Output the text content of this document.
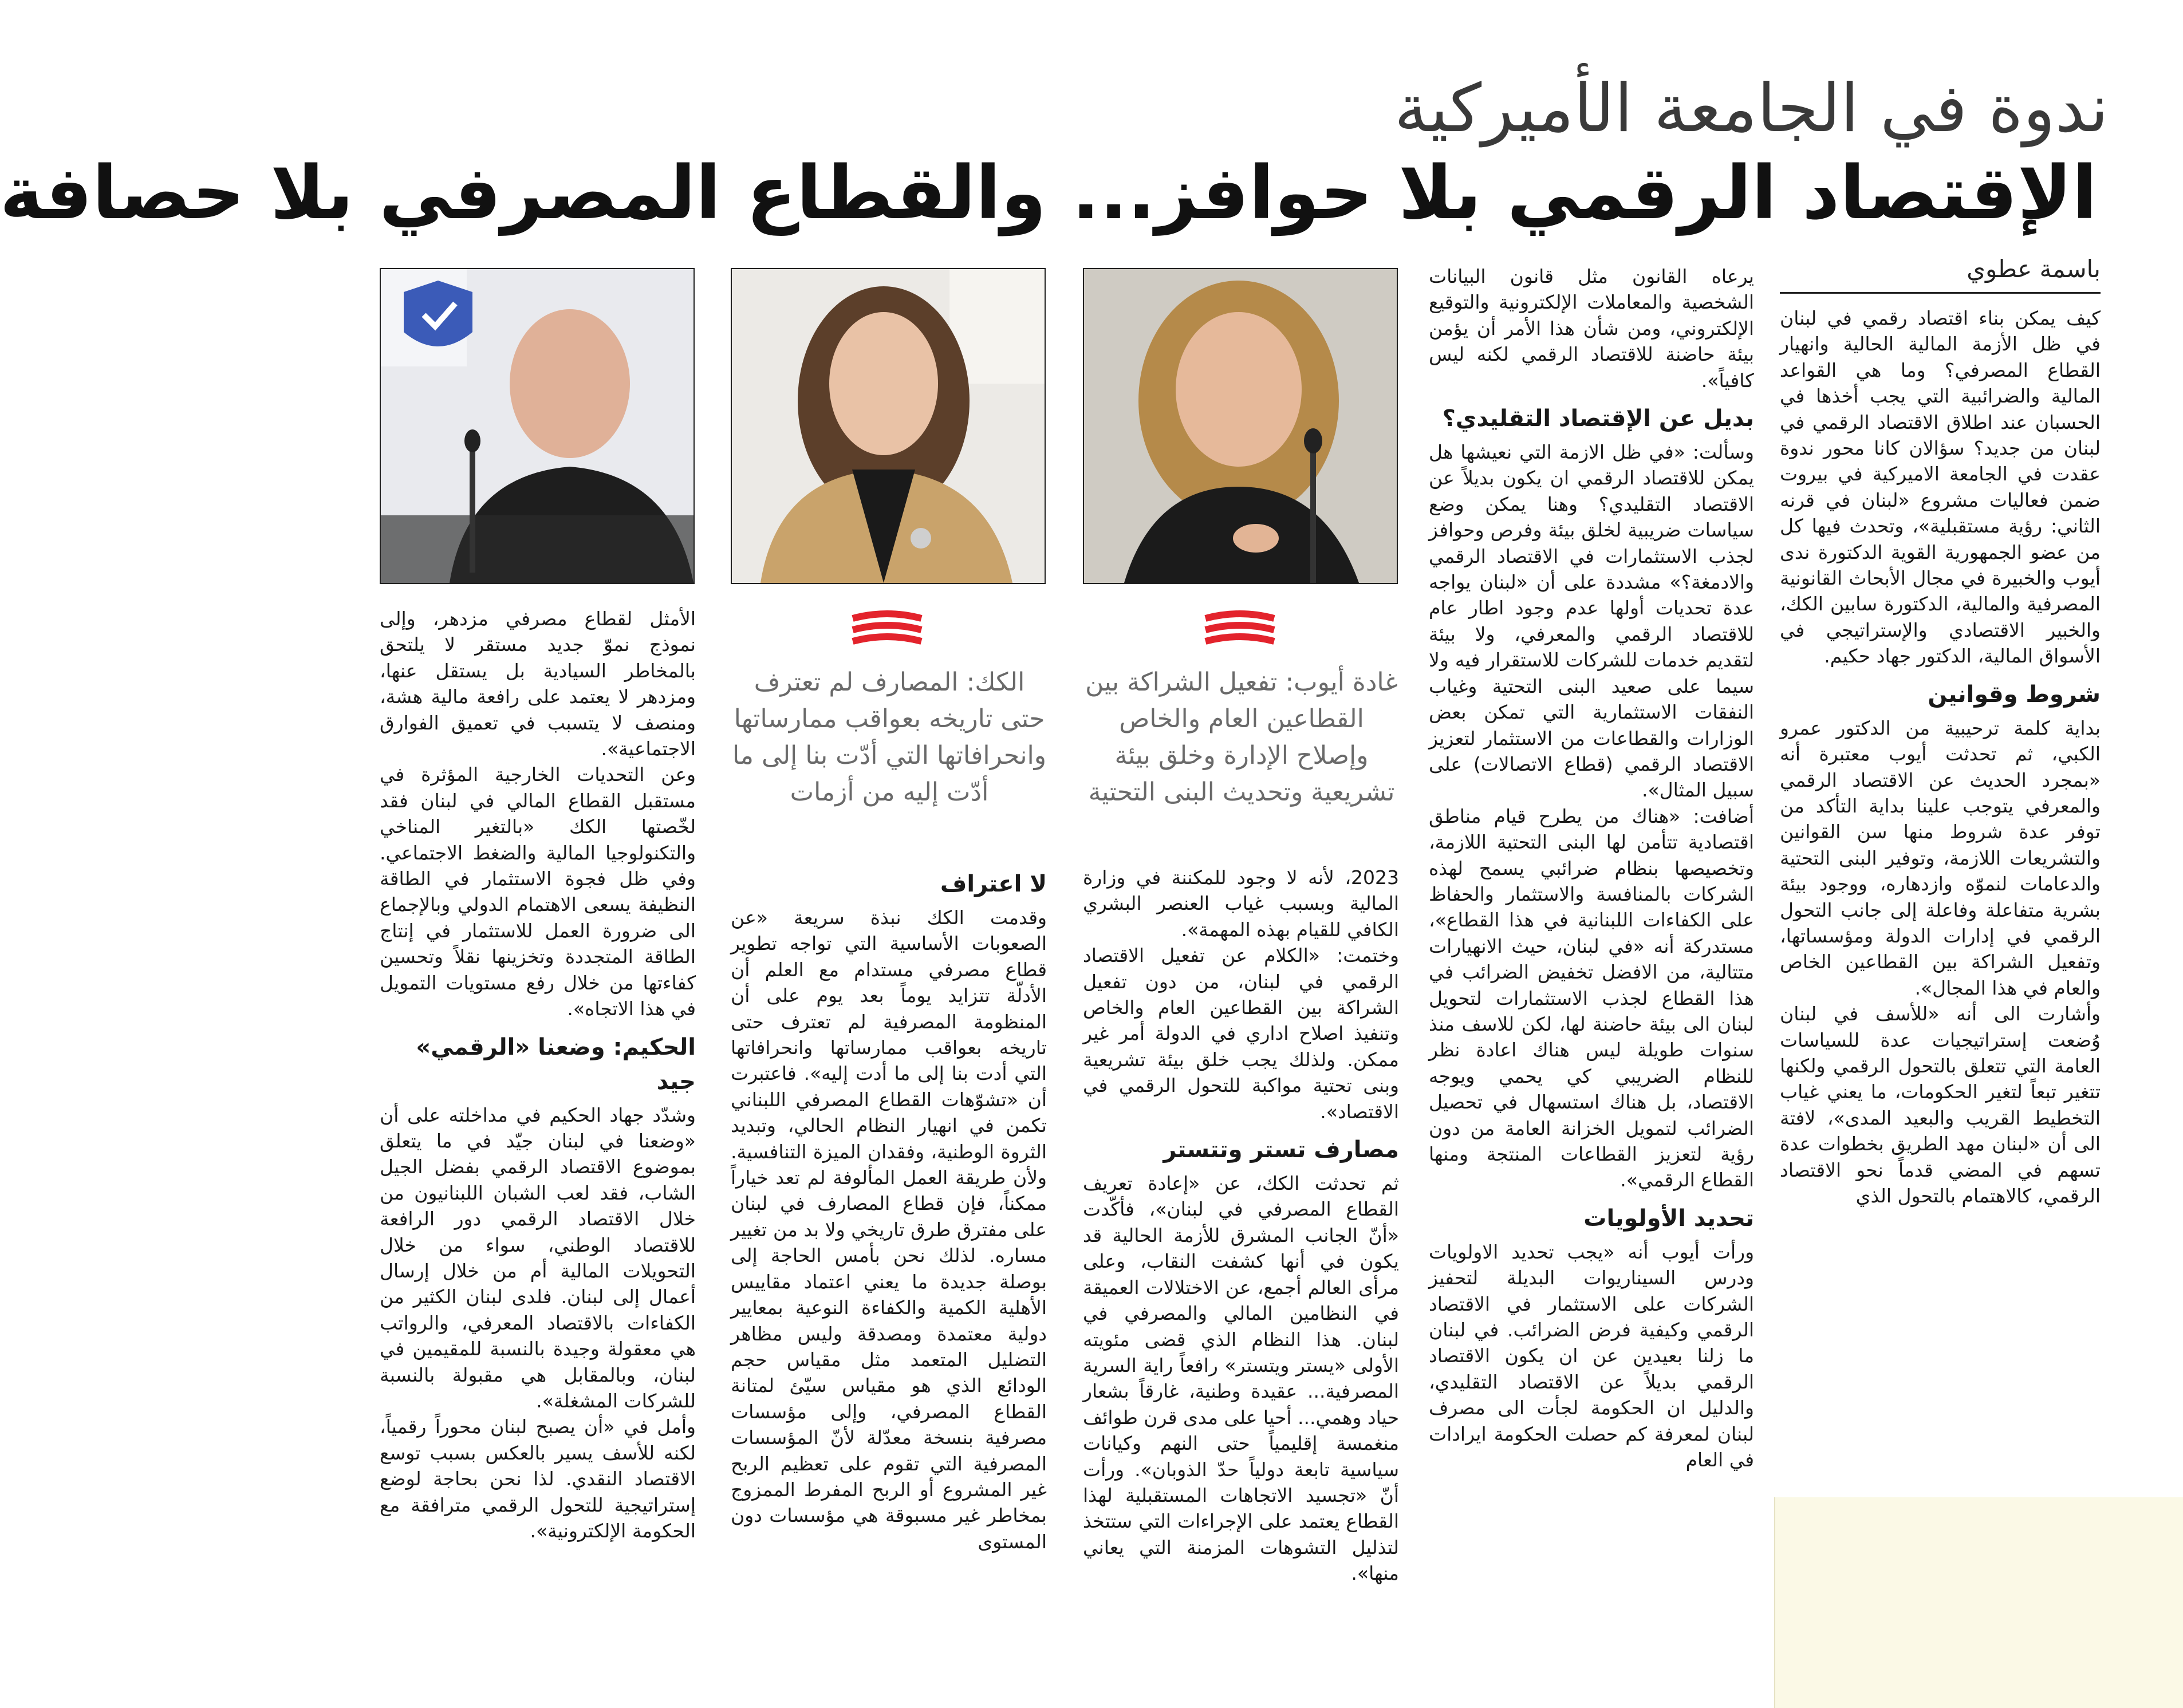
ندوة في الجامعة الأميركية
الإقتصاد الرقمي بلا حوافز... والقطاع المصرفي بلا حصافة

باسمة عطوي

كيف يمكن بناء اقتصاد رقمي في لبنان في ظل الأزمة المالية الحالية وانهيار القطاع المصرفي؟ وما هي القواعد المالية والضرائبية التي يجب أخذها في الحسبان عند اطلاق الاقتصاد الرقمي في لبنان من جديد؟ سؤالان كانا محور ندوة عقدت في الجامعة الاميركية في بيروت ضمن فعاليات مشروع «لبنان في قرنه الثاني: رؤية مستقبلية»، وتحدث فيها كل من عضو الجمهورية القوية الدكتورة ندى أيوب والخبيرة في مجال الأبحاث القانونية المصرفية والمالية، الدكتورة سابين الكك، والخبير الاقتصادي والإستراتيجي في الأسواق المالية، الدكتور جهاد حكيم.

شروط وقوانين

بداية كلمة ترحيبية من الدكتور عمرو الكبي، ثم تحدثت أيوب معتبرة أنه «بمجرد الحديث عن الاقتصاد الرقمي والمعرفي يتوجب علينا بداية التأكد من توفر عدة شروط منها سن القوانين والتشريعات اللازمة، وتوفير البنى التحتية والدعامات لنموّه وازدهاره، ووجود بيئة بشرية متفاعلة وفاعلة إلى جانب التحول الرقمي في إدارات الدولة ومؤسساتها، وتفعيل الشراكة بين القطاعين الخاص والعام في هذا المجال».

وأشارت الى أنه «للأسف في لبنان وُضعت إستراتيجيات عدة للسياسات العامة التي تتعلق بالتحول الرقمي ولكنها تتغير تبعاً لتغير الحكومات، ما يعني غياب التخطيط القريب والبعيد المدى»، لافتة الى أن «لبنان مهد الطريق بخطوات عدة تسهم في المضي قدماً نحو الاقتصاد الرقمي، كالاهتمام بالتحول الذي

يرعاه القانون مثل قانون البيانات الشخصية والمعاملات الإلكترونية والتوقيع الإلكتروني، ومن شأن هذا الأمر أن يؤمن بيئة حاضنة للاقتصاد الرقمي لكنه ليس كافياً».

بديل عن الإقتصاد التقليدي؟

وسألت: «في ظل الازمة التي نعيشها هل يمكن للاقتصاد الرقمي ان يكون بديلاً عن الاقتصاد التقليدي؟ وهنا يمكن وضع سياسات ضريبية لخلق بيئة وفرص وحوافز لجذب الاستثمارات في الاقتصاد الرقمي والادمغة؟» مشددة على أن «لبنان يواجه عدة تحديات أولها عدم وجود اطار عام للاقتصاد الرقمي والمعرفي، ولا بيئة لتقديم خدمات للشركات للاستقرار فيه ولا سيما على صعيد البنى التحتية وغياب النفقات الاستثمارية التي تمكن بعض الوزارات والقطاعات من الاستثمار لتعزيز الاقتصاد الرقمي (قطاع الاتصالات) على سبيل المثال».

أضافت: «هناك من يطرح قيام مناطق اقتصادية تتأمن لها البنى التحتية اللازمة، وتخصيصها بنظام ضرائبي يسمح لهذه الشركات بالمنافسة والاستثمار والحفاظ على الكفاءات اللبنانية في هذا القطاع»، مستدركة أنه «في لبنان، حيث الانهيارات متتالية، من الافضل تخفيض الضرائب في هذا القطاع لجذب الاستثمارات لتحويل لبنان الى بيئة حاضنة لها، لكن للاسف منذ سنوات طويلة ليس هناك اعادة نظر للنظام الضريبي كي يحمي ويوجه الاقتصاد، بل هناك استسهال في تحصيل الضرائب لتمويل الخزانة العامة من دون رؤية لتعزيز القطاعات المنتجة ومنها القطاع الرقمي».

تحديد الأولويات

ورأت أيوب أنه «يجب تحديد الاولويات ودرس السيناريوات البديلة لتحفيز الشركات على الاستثمار في الاقتصاد الرقمي وكيفية فرض الضرائب. في لبنان ما زلنا بعيدين عن ان يكون الاقتصاد الرقمي بديلاً عن الاقتصاد التقليدي، والدليل ان الحكومة لجأت الى مصرف لبنان لمعرفة كم حصلت الحكومة ايرادات في العام

غادة أيوب: تفعيل الشراكة بين القطاعين العام والخاص وإصلاح الإدارة وخلق بيئة تشريعية وتحديث البنى التحتية
الكك: المصارف لم تعترف حتى تاريخه بعواقب ممارساتها وانحرافاتها التي أدّت بنا إلى ما أدّت إليه من أزمات

2023، لأنه لا وجود للمكننة في وزارة المالية وبسبب غياب العنصر البشري الكافي للقيام بهذه المهمة».

وختمت: «الكلام عن تفعيل الاقتصاد الرقمي في لبنان، من دون تفعيل الشراكة بين القطاعين العام والخاص وتنفيذ اصلاح اداري في الدولة أمر غير ممكن. ولذلك يجب خلق بيئة تشريعية وبنى تحتية مواكبة للتحول الرقمي في الاقتصاد».

مصارف تستر وتتستر

ثم تحدثت الكك، عن «إعادة تعريف القطاع المصرفي في لبنان»، فأكّدت «أنّ الجانب المشرق للأزمة الحالية قد يكون في أنها كشفت النقاب، وعلى مرأى العالم أجمع، عن الاختلالات العميقة في النظامين المالي والمصرفي في لبنان. هذا النظام الذي قضى مئويته الأولى «يستر ويتستر» رافعاً راية السرية المصرفية... عقيدة وطنية، غارقاً بشعار حياد وهمي... أحيا على مدى قرن طوائف منغمسة إقليمياً حتى النهم وكيانات سياسية تابعة دولياً حدّ الذوبان». ورأت أنّ «تجسيد الاتجاهات المستقبلية لهذا القطاع يعتمد على الإجراءات التي ستتخذ لتذليل التشوهات المزمنة التي يعاني منها».

لا اعتراف

وقدمت الكك نبذة سريعة «عن الصعوبات الأساسية التي تواجه تطوير قطاع مصرفي مستدام مع العلم أن الأدلّة تتزايد يوماً بعد يوم على أن المنظومة المصرفية لم تعترف حتى تاريخه بعواقب ممارساتها وانحرافاتها التي أدت بنا إلى ما أدت إليه». فاعتبرت أن «تشوّهات القطاع المصرفي اللبناني تكمن في انهيار النظام الحالي، وتبديد الثروة الوطنية، وفقدان الميزة التنافسية. ولأن طريقة العمل المألوفة لم تعد خياراً ممكناً، فإن قطاع المصارف في لبنان على مفترق طرق تاريخي ولا بد من تغيير مساره. لذلك نحن بأمس الحاجة إلى بوصلة جديدة ما يعني اعتماد مقاييس الأهلية الكمية والكفاءة النوعية بمعايير دولية معتمدة ومصدقة وليس مظاهر التضليل المتعمد مثل مقياس حجم الودائع الذي هو مقياس سيّئ لمتانة القطاع المصرفي، وإلى مؤسسات مصرفية بنسخة معدّلة لأنّ المؤسسات المصرفية التي تقوم على تعظيم الربح غير المشروع أو الربح المفرط الممزوج بمخاطر غير مسبوقة هي مؤسسات دون المستوى

الأمثل لقطاع مصرفي مزدهر، وإلى نموذج نموّ جديد مستقر لا يلتحق بالمخاطر السيادية بل يستقل عنها، ومزدهر لا يعتمد على رافعة مالية هشة، ومنصف لا يتسبب في تعميق الفوارق الاجتماعية».

وعن التحديات الخارجية المؤثرة في مستقبل القطاع المالي في لبنان فقد لخّصتها الكك «بالتغير المناخي والتكنولوجيا المالية والضغط الاجتماعي. وفي ظل فجوة الاستثمار في الطاقة النظيفة يسعى الاهتمام الدولي وبالإجماع الى ضرورة العمل للاستثمار في إنتاج الطاقة المتجددة وتخزينها نقلاً وتحسين كفاءتها من خلال رفع مستويات التمويل في هذا الاتجاه».

الحكيم: وضعنا «الرقمي» جيد

وشدّد جهاد الحكيم في مداخلته على أن «وضعنا في لبنان جيّد في ما يتعلق بموضوع الاقتصاد الرقمي بفضل الجيل الشاب، فقد لعب الشبان اللبنانيون من خلال الاقتصاد الرقمي دور الرافعة للاقتصاد الوطني، سواء من خلال التحويلات المالية أم من خلال إرسال أعمال إلى لبنان. فلدى لبنان الكثير من الكفاءات بالاقتصاد المعرفي، والرواتب هي معقولة وجيدة بالنسبة للمقيمين في لبنان، وبالمقابل هي مقبولة بالنسبة للشركات المشغلة».

وأمل في «أن يصبح لبنان محوراً رقمياً، لكنه للأسف يسير بالعكس بسبب توسع الاقتصاد النقدي. لذا نحن بحاجة لوضع إستراتيجية للتحول الرقمي مترافقة مع الحكومة الإلكترونية».
